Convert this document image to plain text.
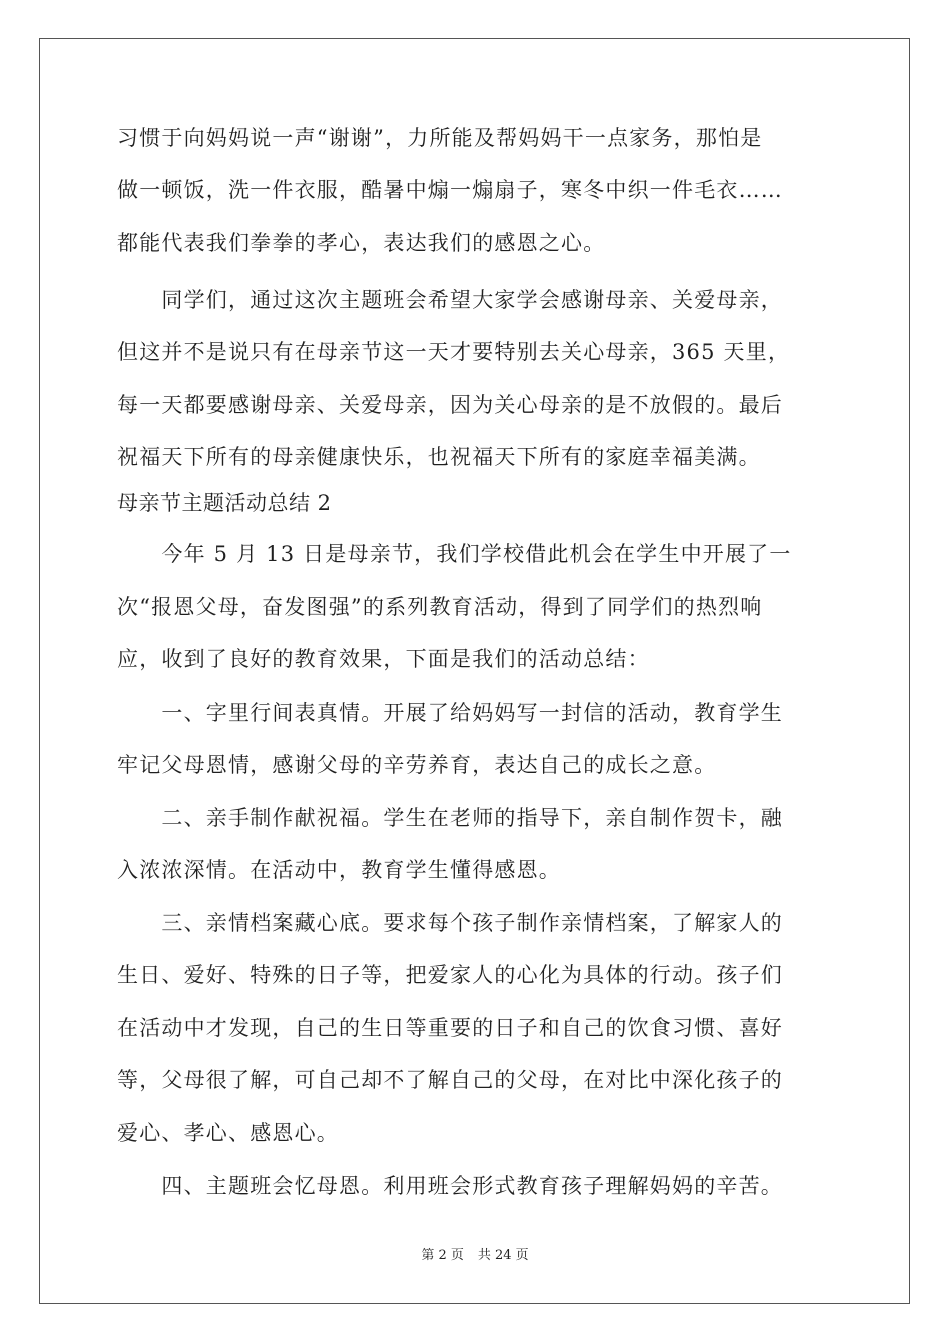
习惯于向妈妈说一声“谢谢”，力所能及帮妈妈干一点家务，那怕是
做一顿饭，洗一件衣服，酷暑中煽一煽扇子，寒冬中织一件毛衣……
都能代表我们拳拳的孝心，表达我们的感恩之心。
　　同学们，通过这次主题班会希望大家学会感谢母亲、关爱母亲，
但这并不是说只有在母亲节这一天才要特别去关心母亲，365 天里，
每一天都要感谢母亲、关爱母亲，因为关心母亲的是不放假的。最后
祝福天下所有的母亲健康快乐，也祝福天下所有的家庭幸福美满。
母亲节主题活动总结 2
　　今年 5 月 13 日是母亲节，我们学校借此机会在学生中开展了一
次“报恩父母，奋发图强”的系列教育活动，得到了同学们的热烈响
应，收到了良好的教育效果，下面是我们的活动总结：
　　一、字里行间表真情。开展了给妈妈写一封信的活动，教育学生
牢记父母恩情，感谢父母的辛劳养育，表达自己的成长之意。
　　二、亲手制作献祝福。学生在老师的指导下，亲自制作贺卡，融
入浓浓深情。在活动中，教育学生懂得感恩。
　　三、亲情档案藏心底。要求每个孩子制作亲情档案，了解家人的
生日、爱好、特殊的日子等，把爱家人的心化为具体的行动。孩子们
在活动中才发现，自己的生日等重要的日子和自己的饮食习惯、喜好
等，父母很了解，可自己却不了解自己的父母，在对比中深化孩子的
爱心、孝心、感恩心。
　　四、主题班会忆母恩。利用班会形式教育孩子理解妈妈的辛苦。
第 2 页 共 24 页
